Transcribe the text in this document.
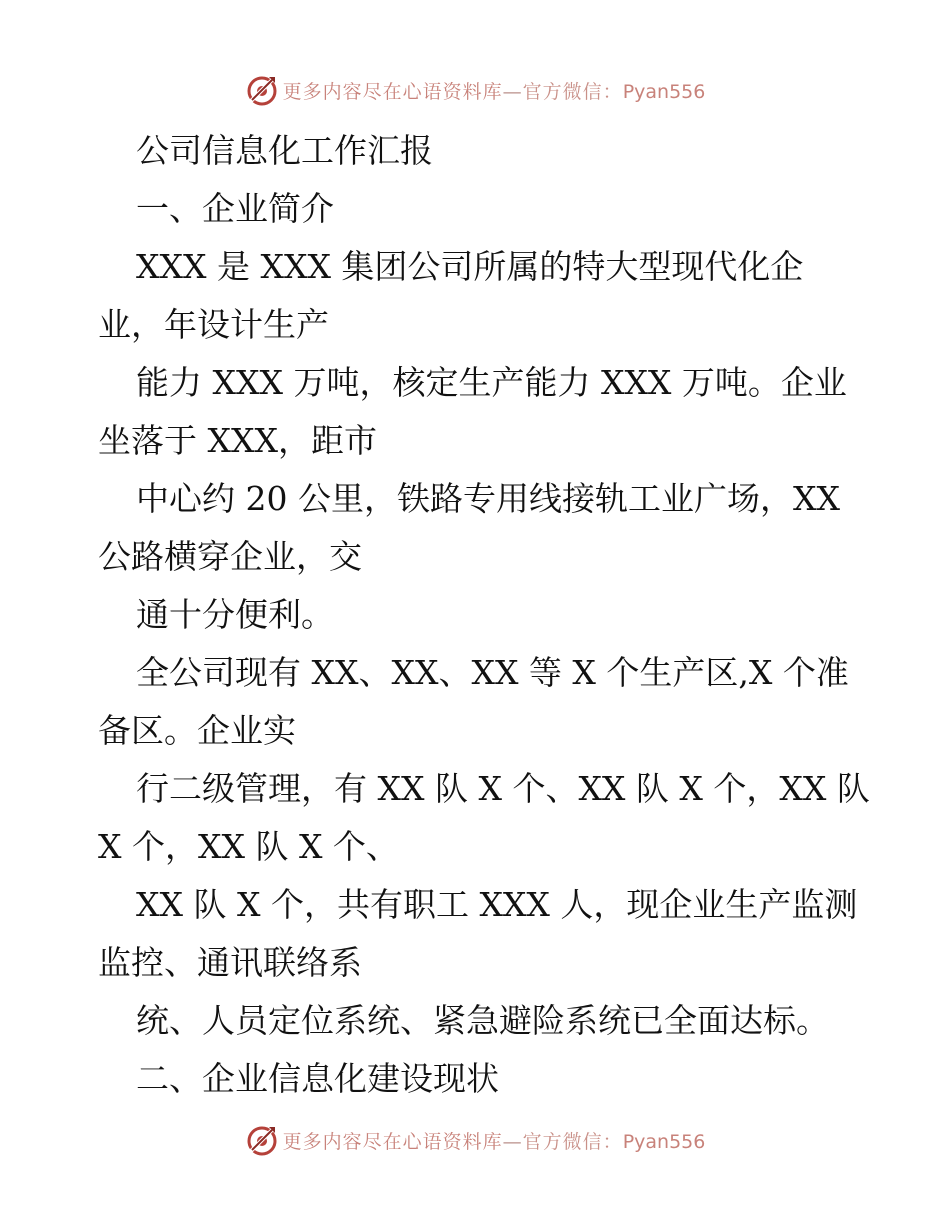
更多内容尽在心语资料库—官方微信：Pyan556
公司信息化工作汇报
一、企业简介
XXX 是 XXX 集团公司所属的特大型现代化企
业，年设计生产
能力 XXX 万吨，核定生产能力 XXX 万吨。企业
坐落于 XXX，距市
中心约 20 公里，铁路专用线接轨工业广场，XX
公路横穿企业，交
通十分便利。
全公司现有 XX、XX、XX 等 X 个生产区,X 个准
备区。企业实
行二级管理，有 XX 队 X 个、XX 队 X 个，XX 队
X 个，XX 队 X 个、
XX 队 X 个，共有职工 XXX 人，现企业生产监测
监控、通讯联络系
统、人员定位系统、紧急避险系统已全面达标。
二、企业信息化建设现状
更多内容尽在心语资料库—官方微信：Pyan556
